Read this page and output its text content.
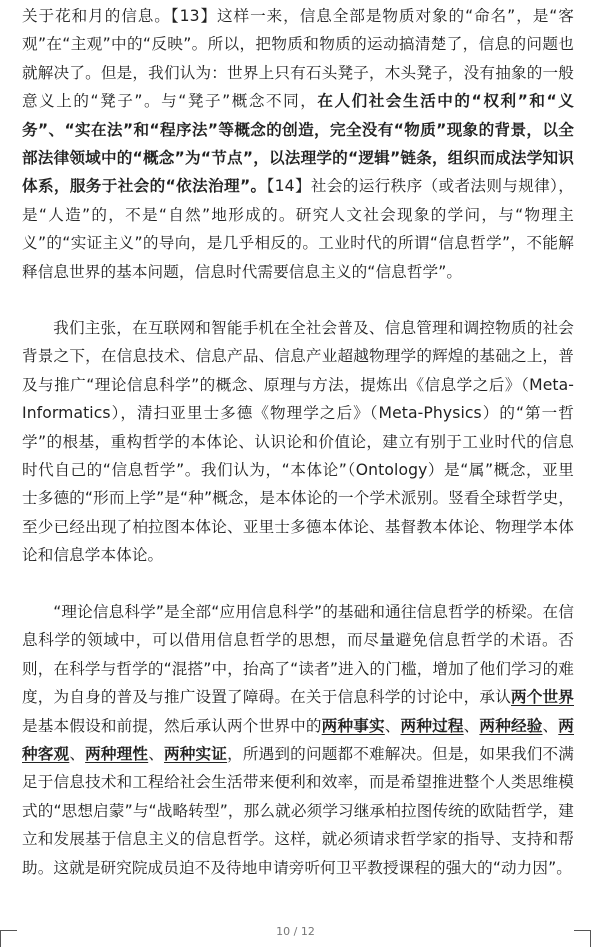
关于花和月的信息。【13】这样一来，信息全部是物质对象的“命名”，是“客观”在“主观”中的“反映”。所以，把物质和物质的运动搞清楚了，信息的问题也就解决了。但是，我们认为：世界上只有石头凳子，木头凳子，没有抽象的一般意义上的“凳子”。与“凳子”概念不同，在人们社会生活中的“权利”和“义务”、“实在法”和“程序法”等概念的创造，完全没有“物质”现象的背景，以全部法律领域中的“概念”为“节点”，以法理学的“逻辑”链条，组织而成法学知识体系，服务于社会的“依法治理”。【14】社会的运行秩序（或者法则与规律），是“人造”的，不是“自然”地形成的。研究人文社会现象的学问，与“物理主义”的“实证主义”的导向，是几乎相反的。工业时代的所谓“信息哲学”，不能解释信息世界的基本问题，信息时代需要信息主义的“信息哲学”。

我们主张，在互联网和智能手机在全社会普及、信息管理和调控物质的社会背景之下，在信息技术、信息产品、信息产业超越物理学的辉煌的基础之上，普及与推广“理论信息科学”的概念、原理与方法，提炼出《信息学之后》（Meta-Informatics），清扫亚里士多德《物理学之后》（Meta-Physics）的“第一哲学”的根基，重构哲学的本体论、认识论和价值论，建立有别于工业时代的信息时代自己的“信息哲学”。我们认为，“本体论”（Ontology）是“属”概念，亚里士多德的“形而上学”是“种”概念，是本体论的一个学术派别。竖看全球哲学史，至少已经出现了柏拉图本体论、亚里士多德本体论、基督教本体论、物理学本体论和信息学本体论。

“理论信息科学”是全部“应用信息科学”的基础和通往信息哲学的桥梁。在信息科学的领域中，可以借用信息哲学的思想，而尽量避免信息哲学的术语。否则，在科学与哲学的“混搭”中，抬高了“读者”进入的门槛，增加了他们学习的难度，为自身的普及与推广设置了障碍。在关于信息科学的讨论中，承认两个世界是基本假设和前提，然后承认两个世界中的两种事实、两种过程、两种经验、两种客观、两种理性、两种实证，所遇到的问题都不难解决。但是，如果我们不满足于信息技术和工程给社会生活带来便利和效率，而是希望推进整个人类思维模式的“思想启蒙”与“战略转型”，那么就必须学习继承柏拉图传统的欧陆哲学，建立和发展基于信息主义的信息哲学。这样，就必须请求哲学家的指导、支持和帮助。这就是研究院成员迫不及待地申请旁听何卫平教授课程的强大的“动力因”。

10 / 12
